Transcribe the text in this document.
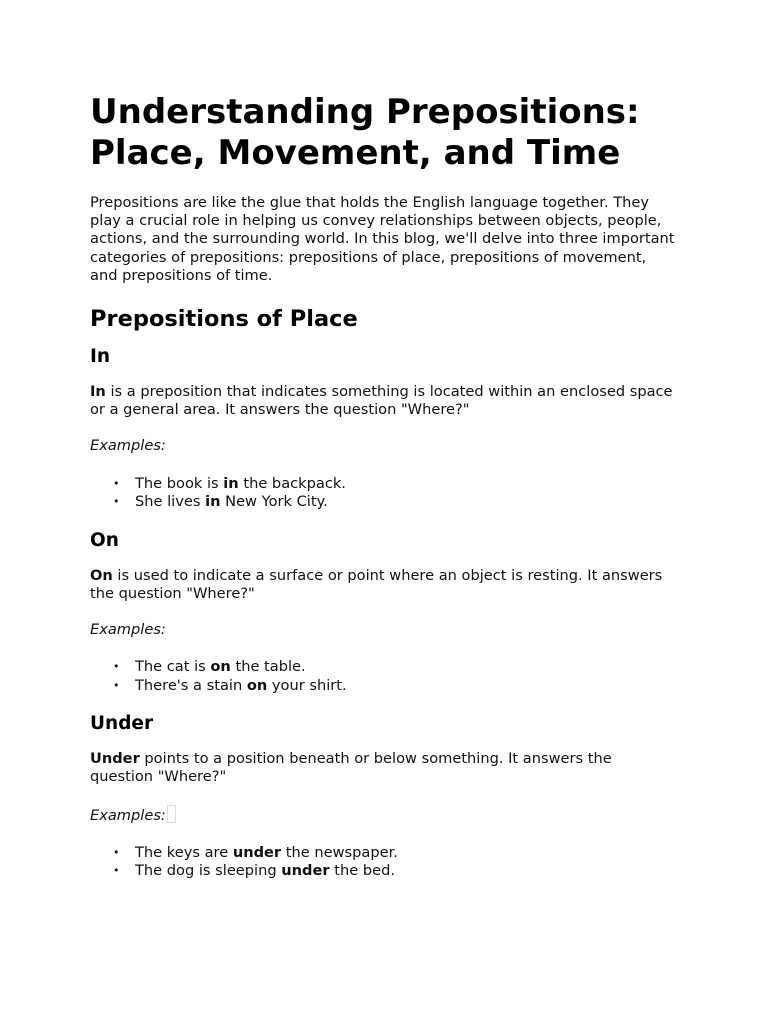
Understanding Prepositions: Place, Movement, and Time

Prepositions are like the glue that holds the English language together. They play a crucial role in helping us convey relationships between objects, people, actions, and the surrounding world. In this blog, we'll delve into three important categories of prepositions: prepositions of place, prepositions of movement, and prepositions of time.

Prepositions of Place
In

In is a preposition that indicates something is located within an enclosed space or a general area. It answers the question "Where?"

Examples:

• The book is in the backpack.
• She lives in New York City.
On

On is used to indicate a surface or point where an object is resting. It answers the question "Where?"

Examples:

• The cat is on the table.
• There's a stain on your shirt.
Under

Under points to a position beneath or below something. It answers the question "Where?"

Examples:

• The keys are under the newspaper.
• The dog is sleeping under the bed.
